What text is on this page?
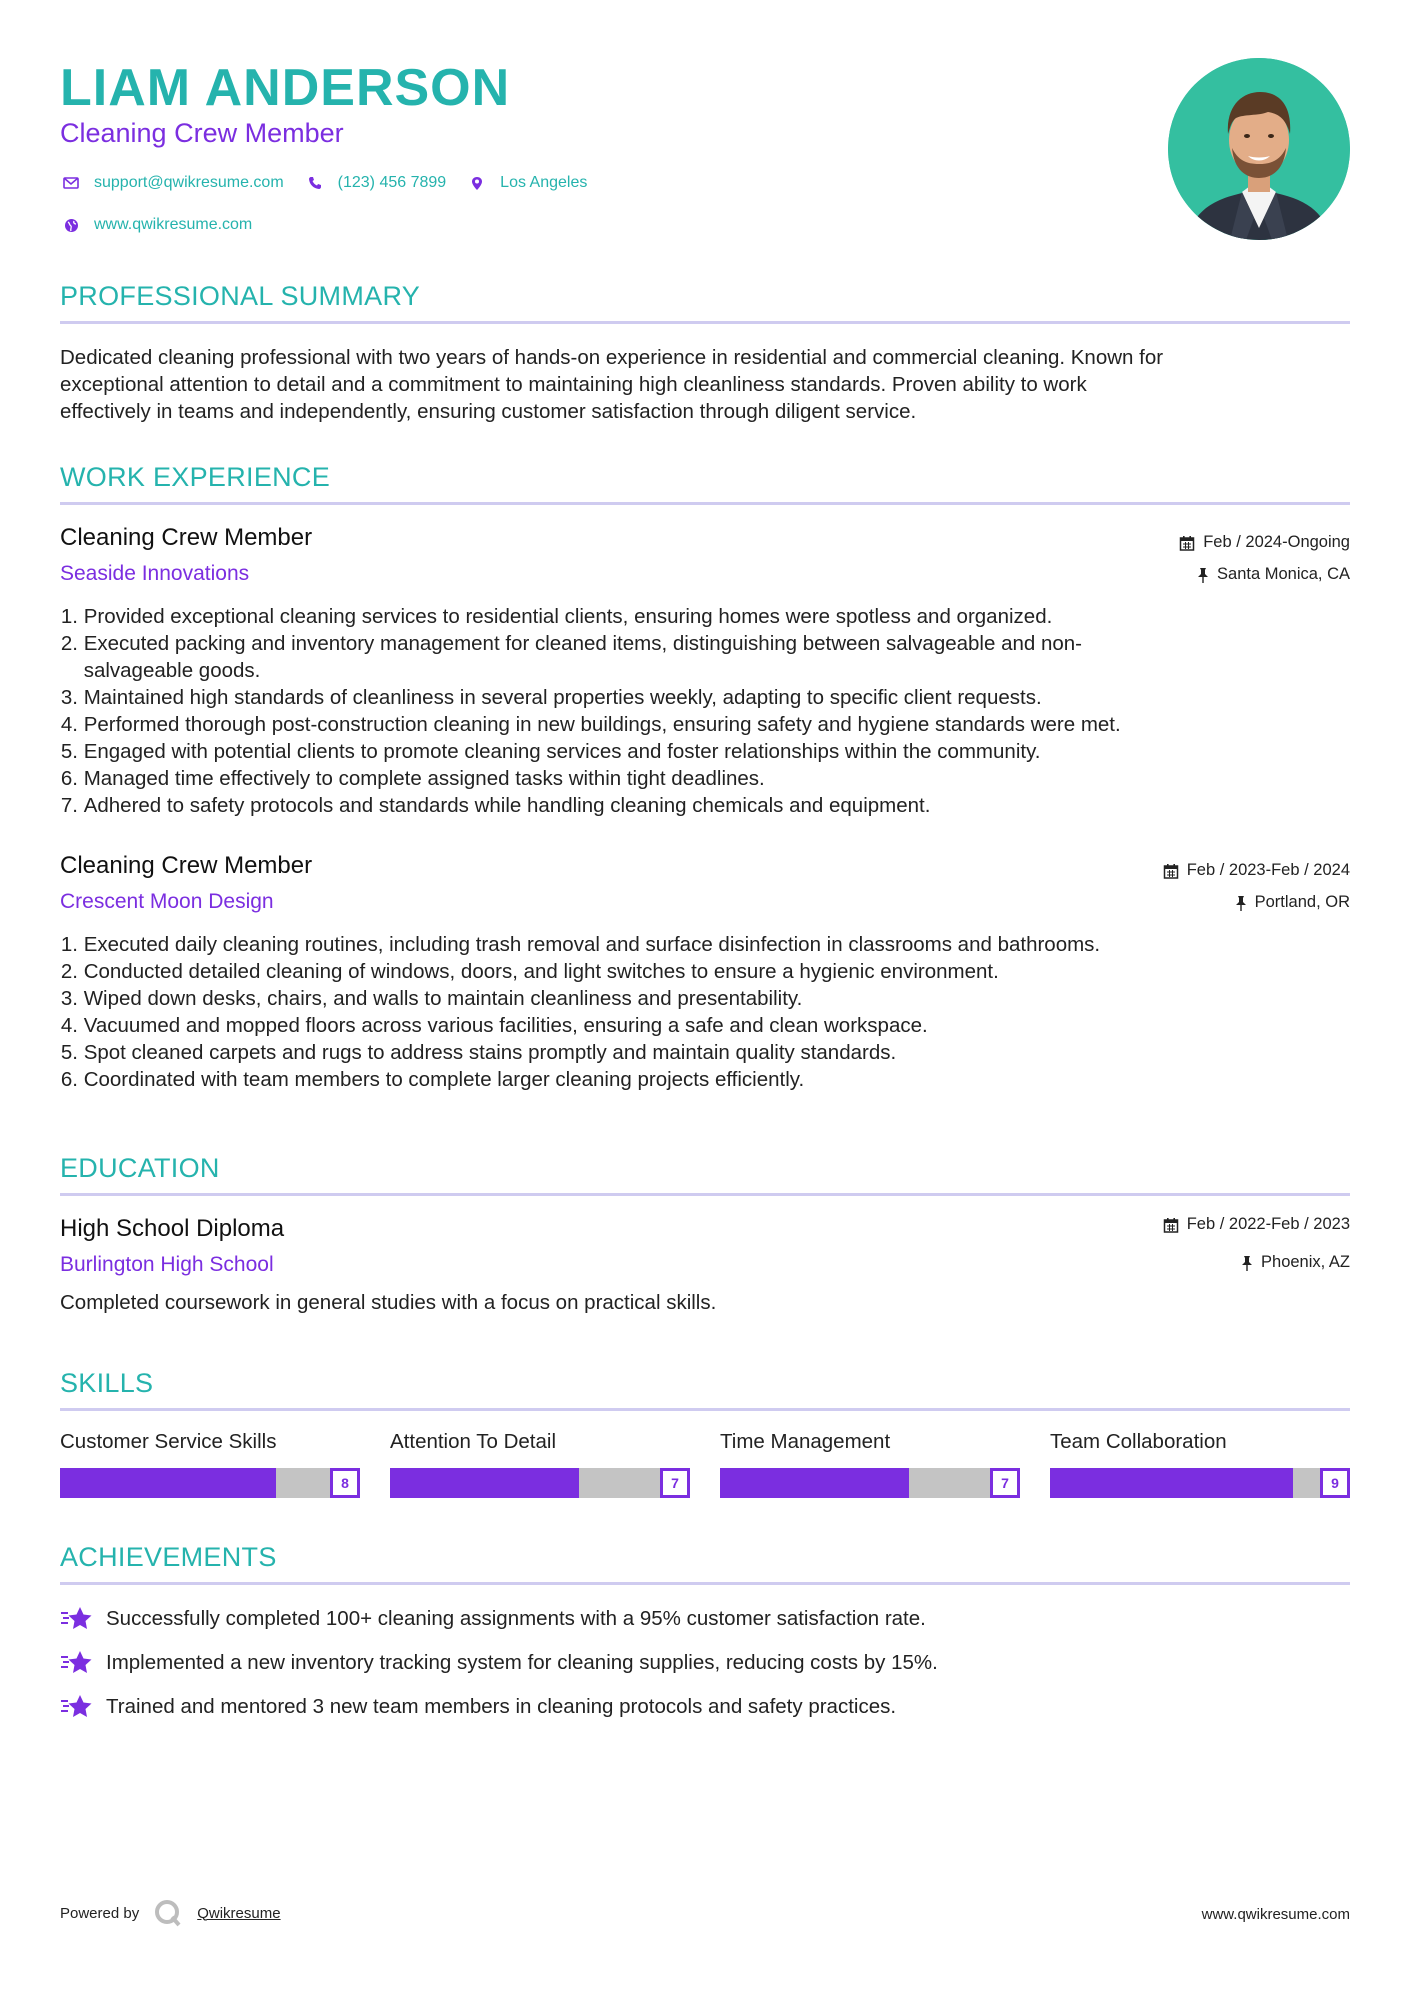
LIAM ANDERSON
Cleaning Crew Member
support@qwikresume.com	(123) 456 7899	Los Angeles
www.qwikresume.com
PROFESSIONAL SUMMARY
Dedicated cleaning professional with two years of hands-on experience in residential and commercial cleaning. Known for
exceptional attention to detail and a commitment to maintaining high cleanliness standards. Proven ability to work
effectively in teams and independently, ensuring customer satisfaction through diligent service.
WORK EXPERIENCE
Cleaning Crew Member
Seaside Innovations
Feb / 2024-Ongoing
Santa Monica, CA
1. Provided exceptional cleaning services to residential clients, ensuring homes were spotless and organized.
2. Executed packing and inventory management for cleaned items, distinguishing between salvageable and non-
salvageable goods.
3. Maintained high standards of cleanliness in several properties weekly, adapting to specific client requests.
4. Performed thorough post-construction cleaning in new buildings, ensuring safety and hygiene standards were met.
5. Engaged with potential clients to promote cleaning services and foster relationships within the community.
6. Managed time effectively to complete assigned tasks within tight deadlines.
7. Adhered to safety protocols and standards while handling cleaning chemicals and equipment.
Cleaning Crew Member
Crescent Moon Design
Feb / 2023-Feb / 2024
Portland, OR
1. Executed daily cleaning routines, including trash removal and surface disinfection in classrooms and bathrooms.
2. Conducted detailed cleaning of windows, doors, and light switches to ensure a hygienic environment.
3. Wiped down desks, chairs, and walls to maintain cleanliness and presentability.
4. Vacuumed and mopped floors across various facilities, ensuring a safe and clean workspace.
5. Spot cleaned carpets and rugs to address stains promptly and maintain quality standards.
6. Coordinated with team members to complete larger cleaning projects efficiently.
EDUCATION
High School Diploma
Burlington High School
Feb / 2022-Feb / 2023
Phoenix, AZ
Completed coursework in general studies with a focus on practical skills.
SKILLS
Customer Service Skills
8
Attention To Detail
7
Time Management
7
Team Collaboration
9
ACHIEVEMENTS
Successfully completed 100+ cleaning assignments with a 95% customer satisfaction rate.
Implemented a new inventory tracking system for cleaning supplies, reducing costs by 15%.
Trained and mentored 3 new team members in cleaning protocols and safety practices.
Powered by	Qwikresume	www.qwikresume.com
